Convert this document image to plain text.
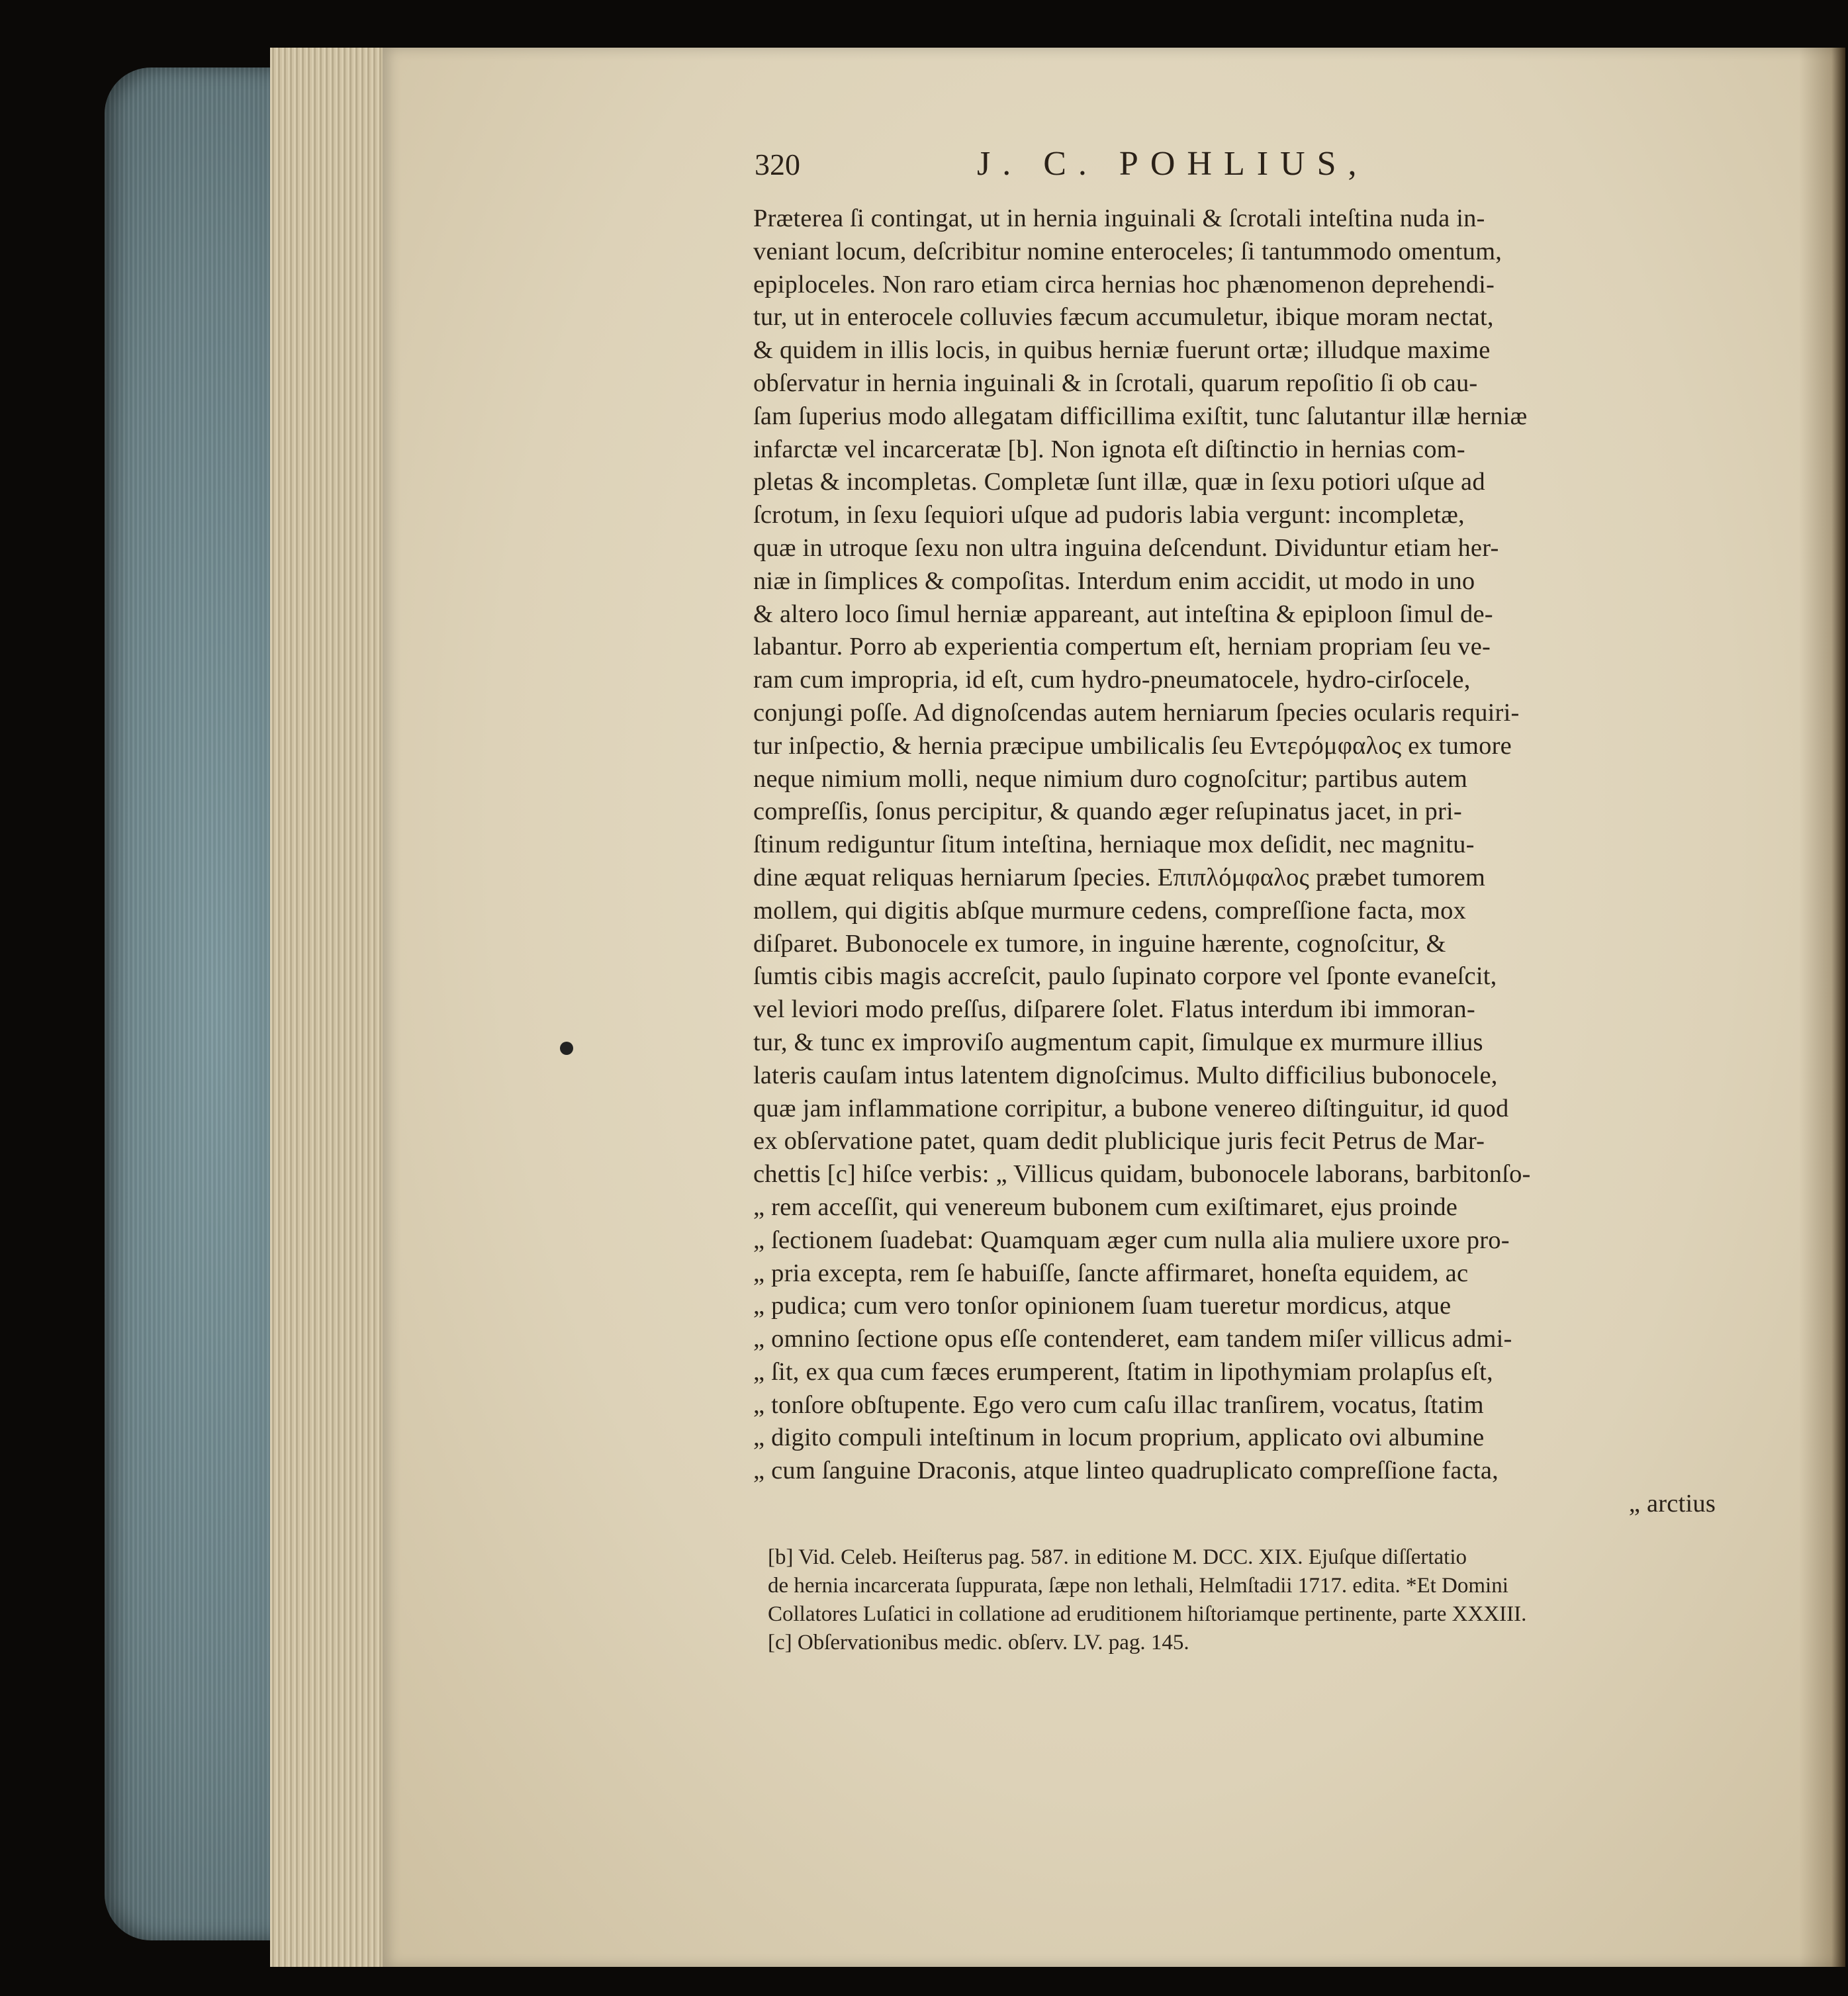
320	J. C. POHLIUS,
Præterea ſi contingat, ut in hernia inguinali & ſcrotali inteſtina nuda in-
veniant locum, deſcribitur nomine enteroceles; ſi tantummodo omentum,
epiploceles. Non raro etiam circa hernias hoc phænomenon deprehendi-
tur, ut in enterocele colluvies fæcum accumuletur, ibique moram nectat,
& quidem in illis locis, in quibus herniæ fuerunt ortæ; illudque maxime
obſervatur in hernia inguinali & in ſcrotali, quarum repoſitio ſi ob cau-
ſam ſuperius modo allegatam difficillima exiſtit, tunc ſalutantur illæ herniæ
infarctæ vel incarceratæ [b]. Non ignota eſt diſtinctio in hernias com-
pletas & incompletas. Completæ ſunt illæ, quæ in ſexu potiori uſque ad
ſcrotum, in ſexu ſequiori uſque ad pudoris labia vergunt: incompletæ,
quæ in utroque ſexu non ultra inguina deſcendunt. Dividuntur etiam her-
niæ in ſimplices & compoſitas. Interdum enim accidit, ut modo in uno
& altero loco ſimul herniæ appareant, aut inteſtina & epiploon ſimul de-
labantur. Porro ab experientia compertum eſt, herniam propriam ſeu ve-
ram cum impropria, id eſt, cum hydro-pneumatocele, hydro-cirſocele,
conjungi poſſe. Ad dignoſcendas autem herniarum ſpecies ocularis requiri-
tur inſpectio, & hernia præcipue umbilicalis ſeu Εντερόμφαλος ex tumore
neque nimium molli, neque nimium duro cognoſcitur; partibus autem
compreſſis, ſonus percipitur, & quando æger reſupinatus jacet, in pri-
ſtinum rediguntur ſitum inteſtina, herniaque mox deſidit, nec magnitu-
dine æquat reliquas herniarum ſpecies. Επιπλόμφαλος præbet tumorem
mollem, qui digitis abſque murmure cedens, compreſſione facta, mox
diſparet. Bubonocele ex tumore, in inguine hærente, cognoſcitur, &
ſumtis cibis magis accreſcit, paulo ſupinato corpore vel ſponte evaneſcit,
vel leviori modo preſſus, diſparere ſolet. Flatus interdum ibi immoran-
tur, & tunc ex improviſo augmentum capit, ſimulque ex murmure illius
lateris cauſam intus latentem dignoſcimus. Multo difficilius bubonocele,
quæ jam inflammatione corripitur, a bubone venereo diſtinguitur, id quod
ex obſervatione patet, quam dedit plublicique juris fecit Petrus de Mar-
chettis [c] hiſce verbis: „ Villicus quidam, bubonocele laborans, barbitonſo-
„ rem acceſſit, qui venereum bubonem cum exiſtimaret, ejus proinde
„ ſectionem ſuadebat: Quamquam æger cum nulla alia muliere uxore pro-
„ pria excepta, rem ſe habuiſſe, ſancte affirmaret, honeſta equidem, ac
„ pudica; cum vero tonſor opinionem ſuam tueretur mordicus, atque
„ omnino ſectione opus eſſe contenderet, eam tandem miſer villicus admi-
„ ſit, ex qua cum fæces erumperent, ſtatim in lipothymiam prolapſus eſt,
„ tonſore obſtupente. Ego vero cum caſu illac tranſirem, vocatus, ſtatim
„ digito compuli inteſtinum in locum proprium, applicato ovi albumine
„ cum ſanguine Draconis, atque linteo quadruplicato compreſſione facta,
„ arctius
[b] Vid. Celeb. Heiſterus pag. 587. in editione M. DCC. XIX. Ejuſque diſſertatio
de hernia incarcerata ſuppurata, ſæpe non lethali, Helmſtadii 1717. edita. *Et Domini
Collatores Luſatici in collatione ad eruditionem hiſtoriamque pertinente, parte XXXIII.
[c] Obſervationibus medic. obſerv. LV. pag. 145.
